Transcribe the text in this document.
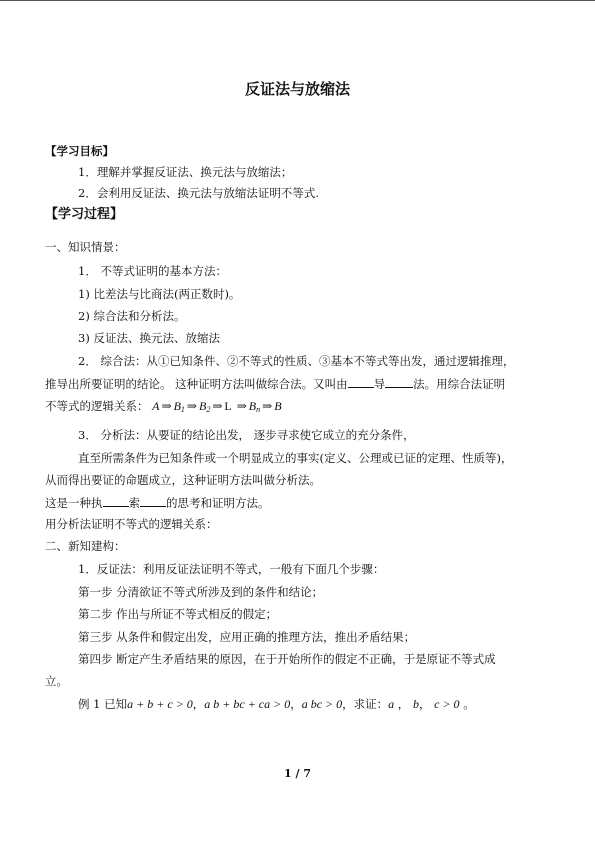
反证法与放缩法
【学习目标】
1．理解并掌握反证法、换元法与放缩法；
2．会利用反证法、换元法与放缩法证明不等式.
【学习过程】
一、知识情景：
1． 不等式证明的基本方法：
1) 比差法与比商法(两正数时)。
2) 综合法和分析法。
3) 反证法、换元法、放缩法
2． 综合法：从①已知条件、②不等式的性质、③基本不等式等出发，通过逻辑推理，
推导出所要证明的结论。 这种证明方法叫做综合法。又叫由 导 法。用综合法证明
不等式的逻辑关系： A ⇒ $B_1$ ⇒ $B_2$ ⇒ L ⇒ $B_n$ ⇒ B
3． 分析法：从要证的结论出发， 逐步寻求使它成立的充分条件，
直至所需条件为已知条件或一个明显成立的事实(定义、公理或已证的定理、性质等)，
从而得出要证的命题成立，这种证明方法叫做分析法。
这是一种执 索 的思考和证明方法。
用分析法证明不等式的逻辑关系：
二、新知建构：
1．反证法：利用反证法证明不等式，一般有下面几个步骤：
第一步 分清欲证不等式所涉及到的条件和结论；
第二步 作出与所证不等式相反的假定；
第三步 从条件和假定出发，应用正确的推理方法，推出矛盾结果；
第四步 断定产生矛盾结果的原因，在于开始所作的假定不正确，于是原证不等式成
立。
例 1 已知a + b + c > 0，a b + bc + ca > 0，a bc > 0，求证：a ， b， c > 0 。
1 / 7
